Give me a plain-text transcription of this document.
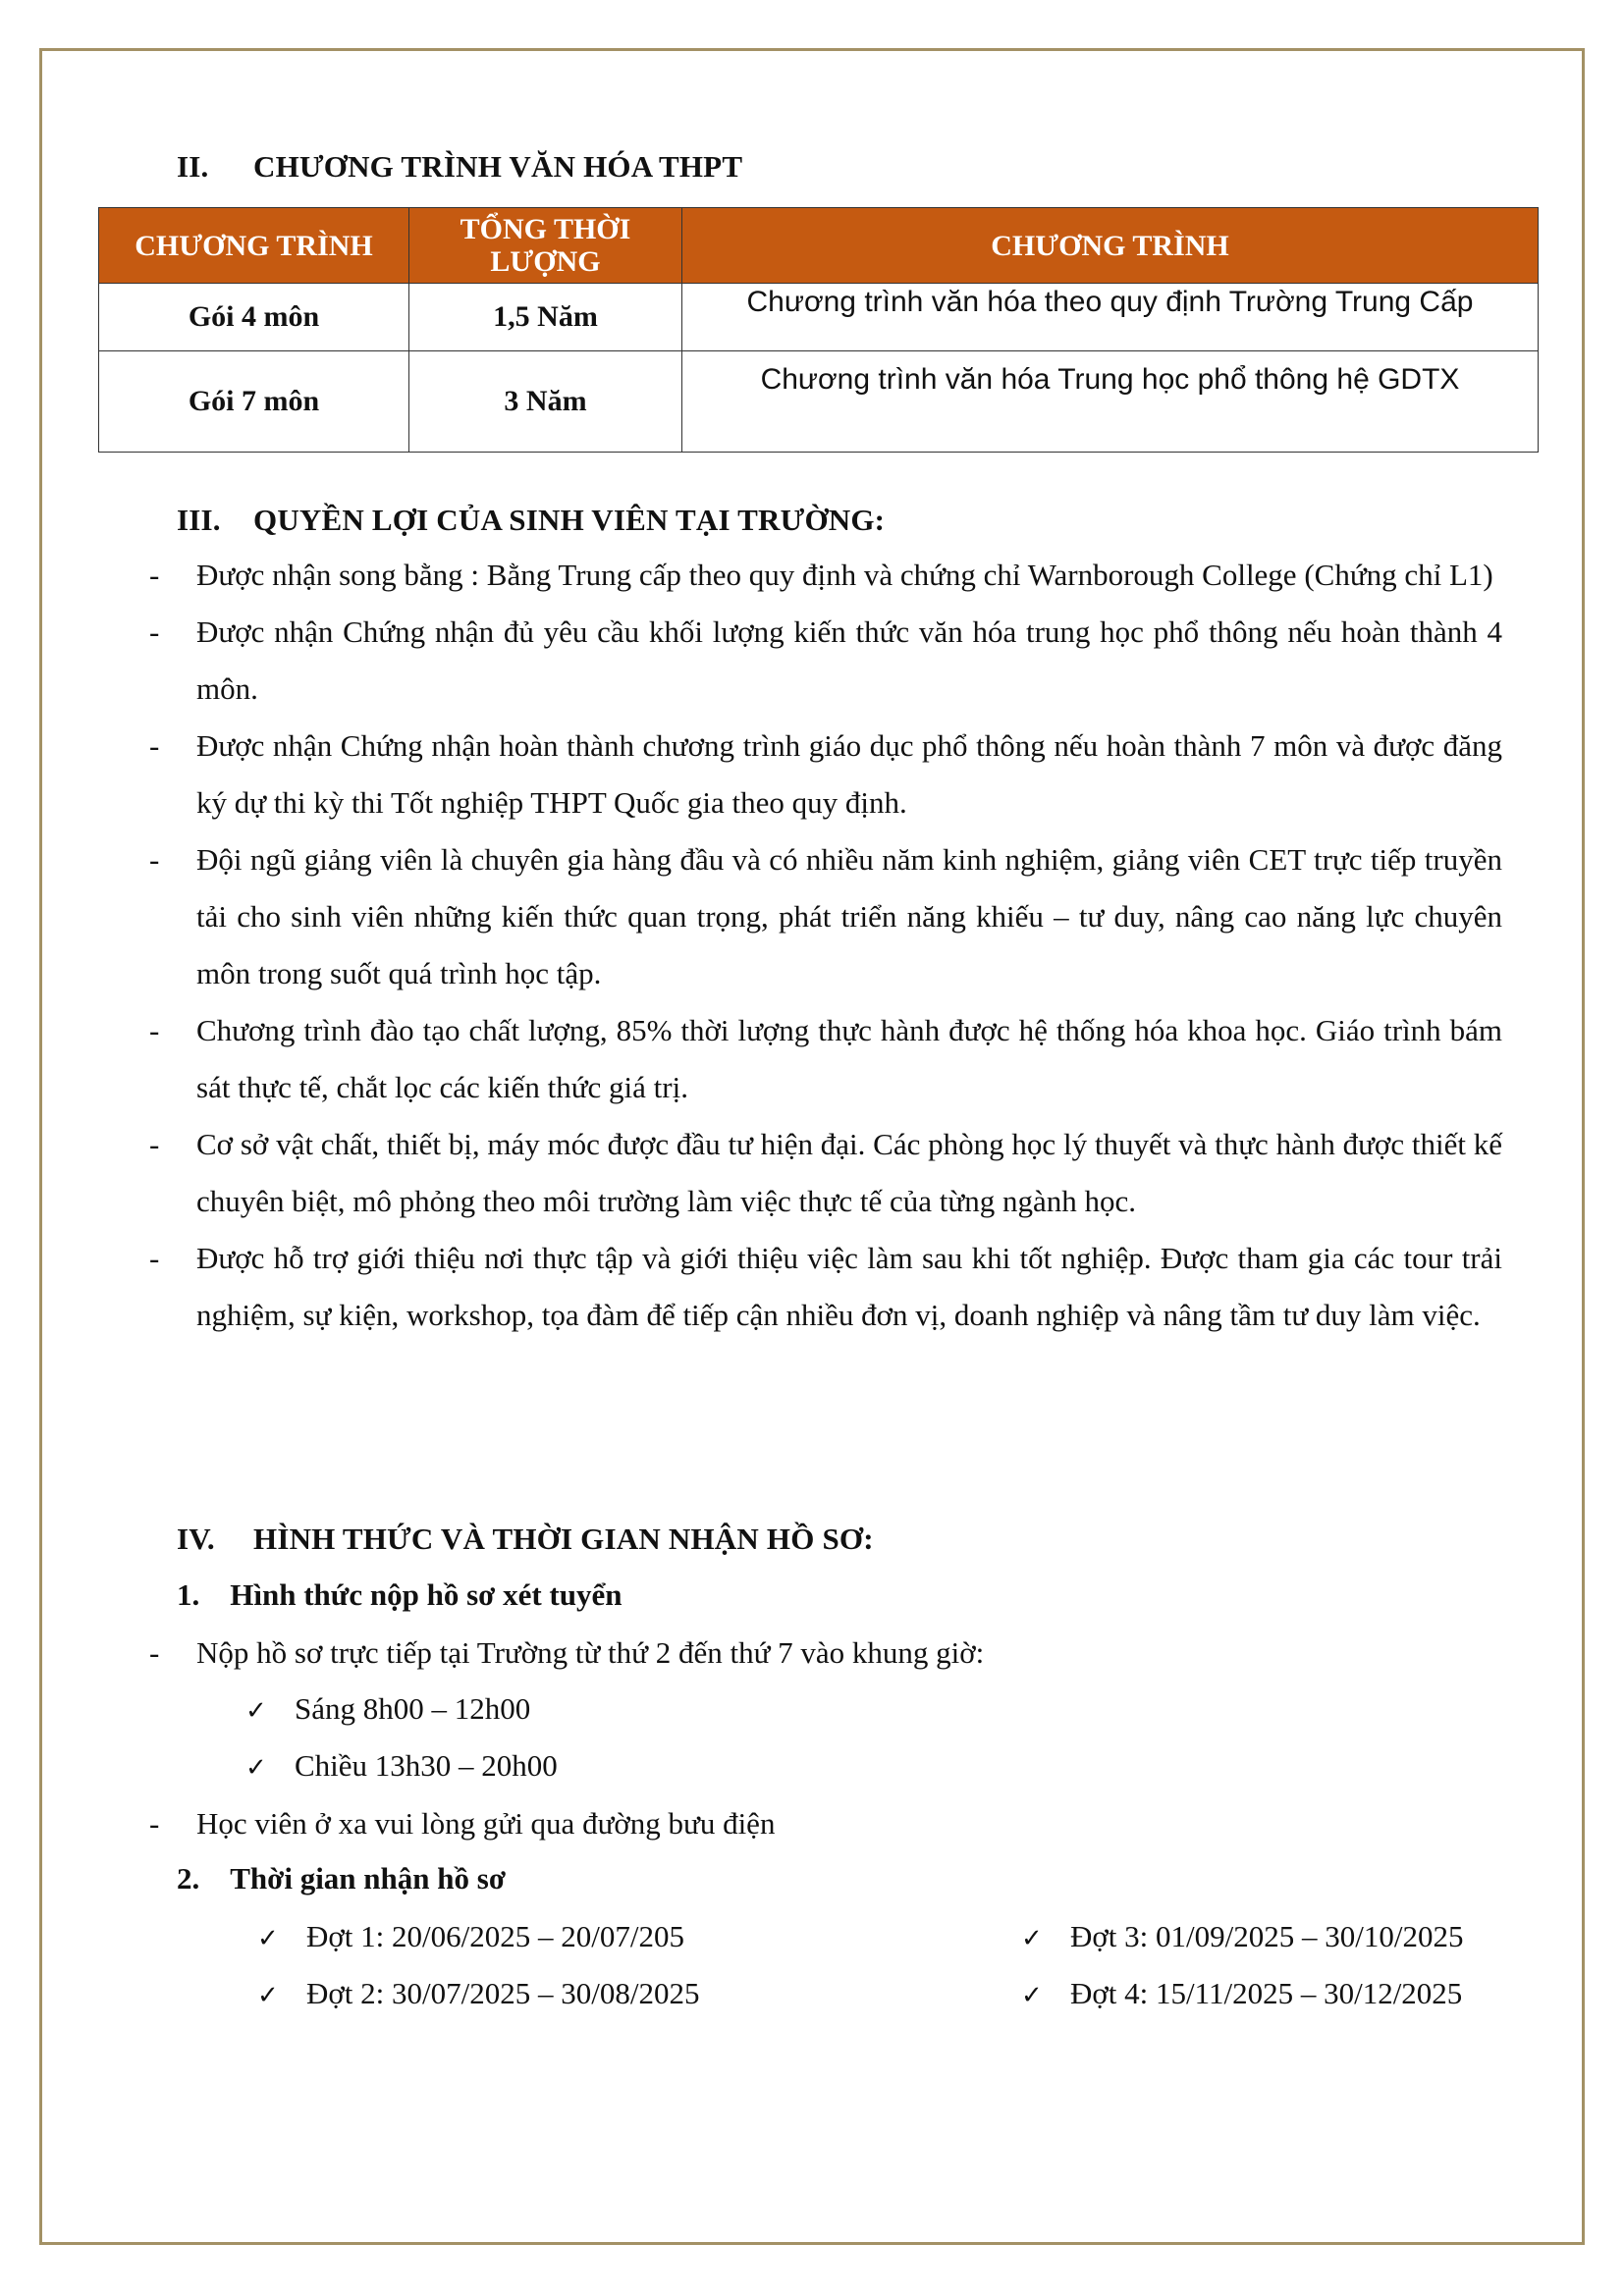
II. CHƯƠNG TRÌNH VĂN HÓA THPT
CHƯƠNG TRÌNH	TỔNG THỜI LƯỢNG	CHƯƠNG TRÌNH
Gói 4 môn	1,5 Năm	Chương trình văn hóa theo quy định Trường Trung Cấp
Gói 7 môn	3 Năm	Chương trình văn hóa Trung học phổ thông hệ GDTX
III. QUYỀN LỢI CỦA SINH VIÊN TẠI TRƯỜNG:
- Được nhận song bằng : Bằng Trung cấp theo quy định và chứng chỉ Warnborough College (Chứng chỉ L1)
- Được nhận Chứng nhận đủ yêu cầu khối lượng kiến thức văn hóa trung học phổ thông nếu hoàn thành 4 môn.
- Được nhận Chứng nhận hoàn thành chương trình giáo dục phổ thông nếu hoàn thành 7 môn và được đăng ký dự thi kỳ thi Tốt nghiệp THPT Quốc gia theo quy định.
- Đội ngũ giảng viên là chuyên gia hàng đầu và có nhiều năm kinh nghiệm, giảng viên CET trực tiếp truyền tải cho sinh viên những kiến thức quan trọng, phát triển năng khiếu – tư duy, nâng cao năng lực chuyên môn trong suốt quá trình học tập.
- Chương trình đào tạo chất lượng, 85% thời lượng thực hành được hệ thống hóa khoa học. Giáo trình bám sát thực tế, chắt lọc các kiến thức giá trị.
- Cơ sở vật chất, thiết bị, máy móc được đầu tư hiện đại. Các phòng học lý thuyết và thực hành được thiết kế chuyên biệt, mô phỏng theo môi trường làm việc thực tế của từng ngành học.
- Được hỗ trợ giới thiệu nơi thực tập và giới thiệu việc làm sau khi tốt nghiệp. Được tham gia các tour trải nghiệm, sự kiện, workshop, tọa đàm để tiếp cận nhiều đơn vị, doanh nghiệp và nâng tầm tư duy làm việc.
IV. HÌNH THỨC VÀ THỜI GIAN NHẬN HỒ SƠ:
1. Hình thức nộp hồ sơ xét tuyển
- Nộp hồ sơ trực tiếp tại Trường từ thứ 2 đến thứ 7 vào khung giờ:
✓ Sáng 8h00 – 12h00
✓ Chiều 13h30 – 20h00
- Học viên ở xa vui lòng gửi qua đường bưu điện
2. Thời gian nhận hồ sơ
✓ Đợt 1: 20/06/2025 – 20/07/205
✓ Đợt 2: 30/07/2025 – 30/08/2025
✓ Đợt 3: 01/09/2025 – 30/10/2025
✓ Đợt 4: 15/11/2025 – 30/12/2025
